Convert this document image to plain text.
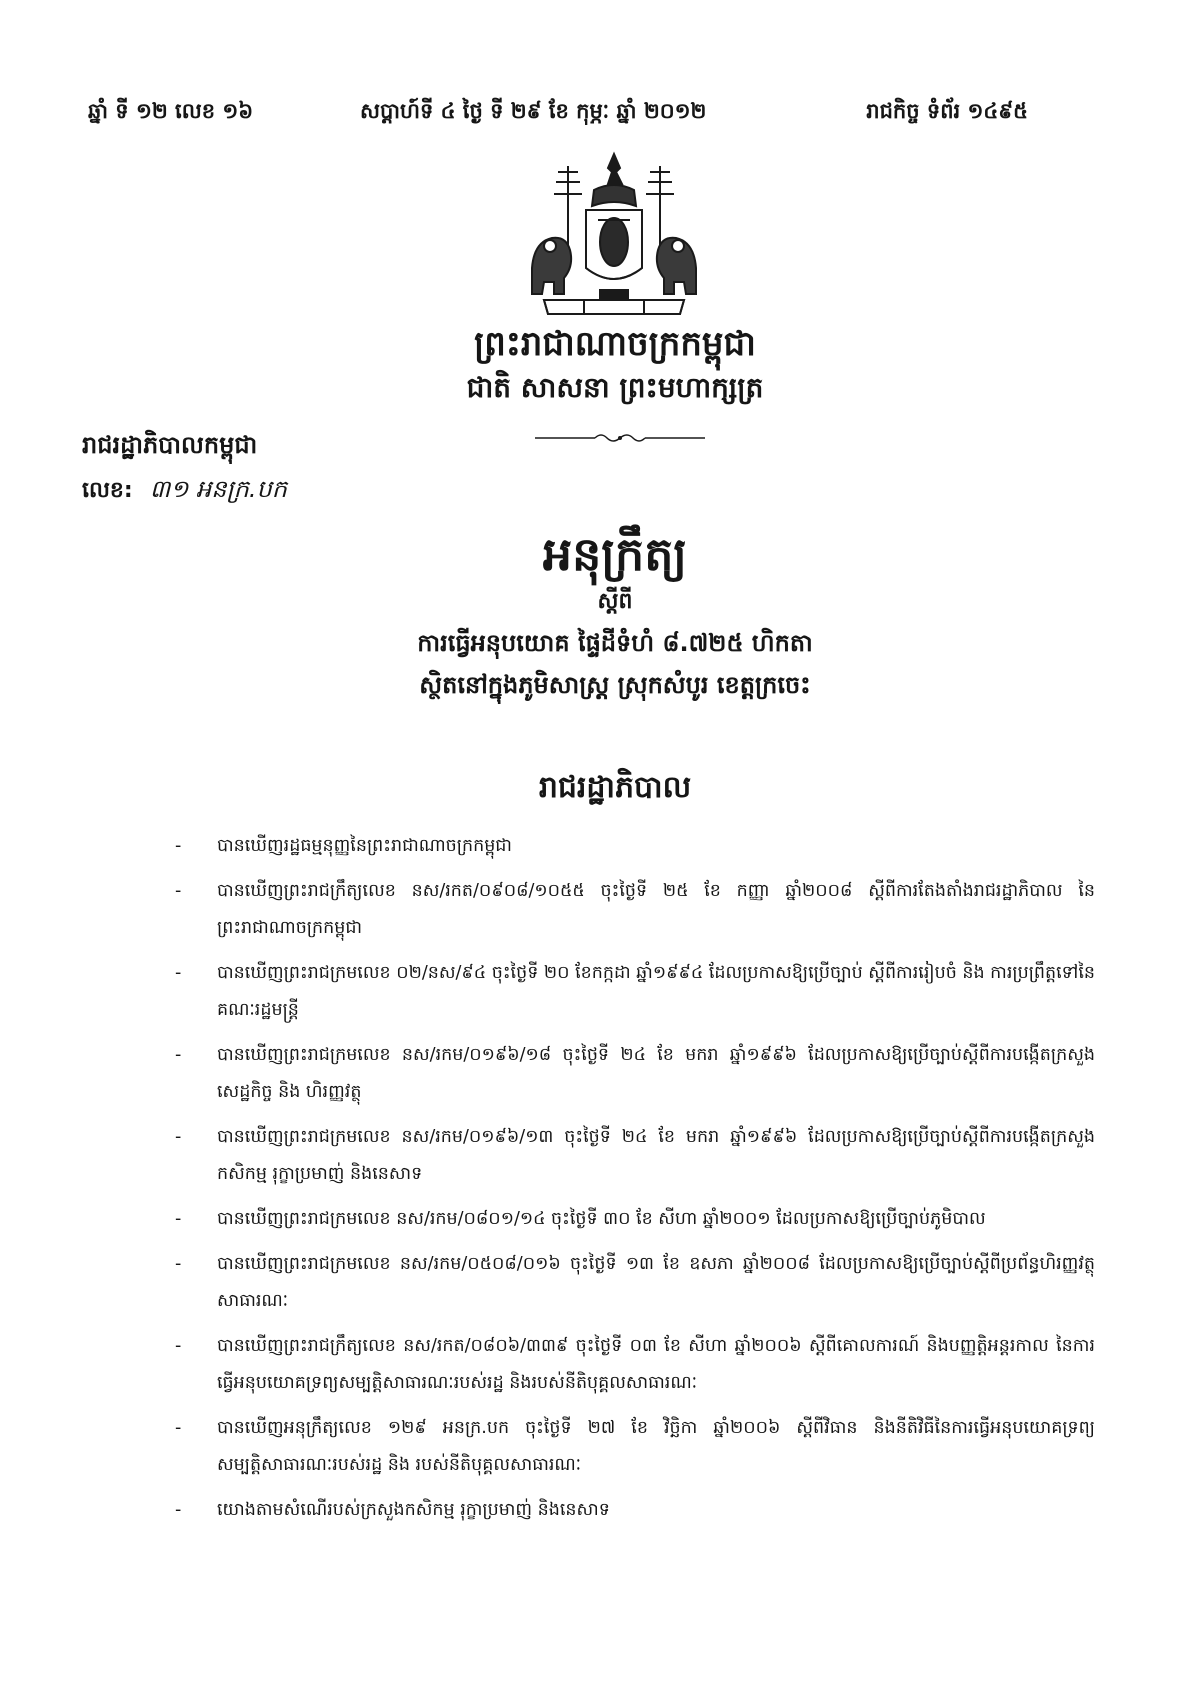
ឆ្នាំ ទី ១២ លេខ ១៦	សប្តាហ៍ទី ៤ ថ្ងៃ ទី ២៩ ខែ កុម្ភៈ ឆ្នាំ ២០១២	រាជកិច្ច ទំព័រ ១៤៩៥
ព្រះរាជាណាចក្រកម្ពុជា
ជាតិ សាសនា ព្រះមហាក្សត្រ
រាជរដ្ឋាភិបាលកម្ពុជា
លេខ: ៣១ អនក្រ.បក
អនុក្រឹត្យ
ស្តីពី
ការធ្វើអនុបយោគ ផ្ទៃដីទំហំ ៨.៧២៥ ហិកតា
ស្ថិតនៅក្នុងភូមិសាស្ត្រ ស្រុកសំបូរ ខេត្តក្រចេះ
រាជរដ្ឋាភិបាល
-	បានឃើញរដ្ឋធម្មនុញ្ញនៃព្រះរាជាណាចក្រកម្ពុជា
-	បានឃើញព្រះរាជក្រឹត្យលេខ នស/រកត/០៩០៨/១០៥៥ ចុះថ្ងៃទី ២៥ ខែ កញ្ញា ឆ្នាំ២០០៨ ស្តីពីការតែងតាំងរាជរដ្ឋាភិបាល នៃព្រះរាជាណាចក្រកម្ពុជា
-	បានឃើញព្រះរាជក្រមលេខ ០២/នស/៩៤ ចុះថ្ងៃទី ២០ ខែកក្កដា ឆ្នាំ១៩៩៤ ដែលប្រកាសឱ្យប្រើច្បាប់ ស្តីពីការរៀបចំ និង ការប្រព្រឹត្តទៅនៃគណៈរដ្ឋមន្ត្រី
-	បានឃើញព្រះរាជក្រមលេខ នស/រកម/០១៩៦/១៨ ចុះថ្ងៃទី ២៤ ខែ មករា ឆ្នាំ១៩៩៦ ដែលប្រកាសឱ្យប្រើច្បាប់ស្តីពីការបង្កើតក្រសួងសេដ្ឋកិច្ច និង ហិរញ្ញវត្ថុ
-	បានឃើញព្រះរាជក្រមលេខ នស/រកម/០១៩៦/១៣ ចុះថ្ងៃទី ២៤ ខែ មករា ឆ្នាំ១៩៩៦ ដែលប្រកាសឱ្យប្រើច្បាប់ស្តីពីការបង្កើតក្រសួងកសិកម្ម រុក្ខាប្រមាញ់ និងនេសាទ
-	បានឃើញព្រះរាជក្រមលេខ នស/រកម/០៨០១/១៤ ចុះថ្ងៃទី ៣០ ខែ សីហា ឆ្នាំ២០០១ ដែលប្រកាសឱ្យប្រើច្បាប់ភូមិបាល
-	បានឃើញព្រះរាជក្រមលេខ នស/រកម/០៥០៨/០១៦ ចុះថ្ងៃទី ១៣ ខែ ឧសភា ឆ្នាំ២០០៨ ដែលប្រកាសឱ្យប្រើច្បាប់ស្តីពីប្រព័ន្ធហិរញ្ញវត្ថុ សាធារណៈ
-	បានឃើញព្រះរាជក្រឹត្យលេខ នស/រកត/០៨០៦/៣៣៩ ចុះថ្ងៃទី ០៣ ខែ សីហា ឆ្នាំ២០០៦ ស្តីពីគោលការណ៍ និងបញ្ញត្តិអន្តរកាល នៃការធ្វើអនុបយោគទ្រព្យសម្បត្តិសាធារណៈរបស់រដ្ឋ និងរបស់នីតិបុគ្គលសាធារណៈ
-	បានឃើញអនុក្រឹត្យលេខ ១២៩ អនក្រ.បក ចុះថ្ងៃទី ២៧ ខែ វិច្ឆិកា ឆ្នាំ២០០៦ ស្តីពីវិធាន និងនីតិវិធីនៃការធ្វើអនុបយោគទ្រព្យសម្បត្តិសាធារណៈរបស់រដ្ឋ និង របស់នីតិបុគ្គលសាធារណៈ
-	យោងតាមសំណើរបស់ក្រសួងកសិកម្ម រុក្ខាប្រមាញ់ និងនេសាទ
